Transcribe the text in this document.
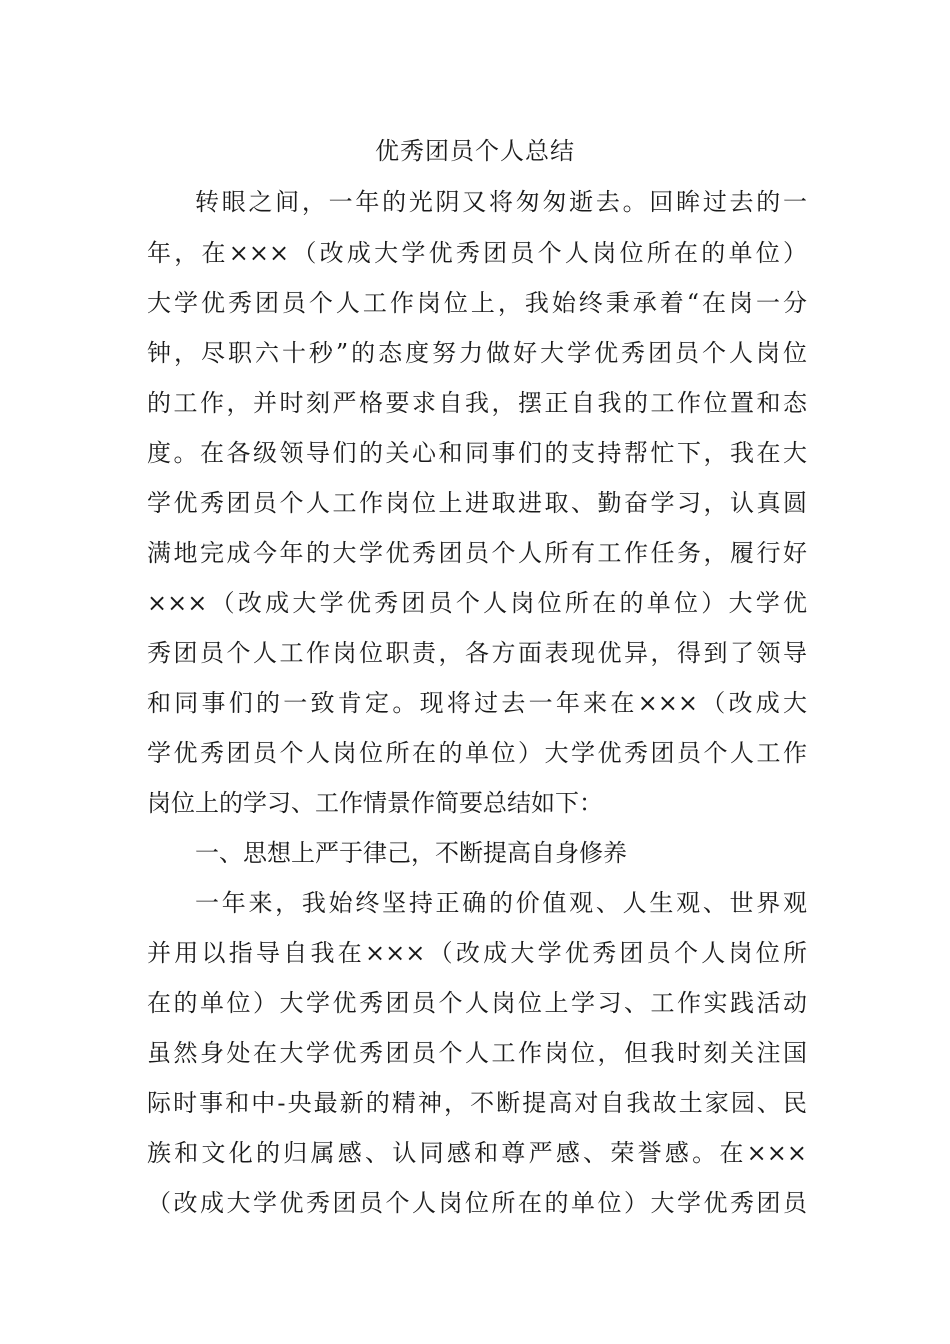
优秀团员个人总结
转眼之间，一年的光阴又将匆匆逝去。回眸过去的一
年，在×××（改成大学优秀团员个人岗位所在的单位）
大学优秀团员个人工作岗位上，我始终秉承着“在岗一分
钟，尽职六十秒”的态度努力做好大学优秀团员个人岗位
的工作，并时刻严格要求自我，摆正自我的工作位置和态
度。在各级领导们的关心和同事们的支持帮忙下，我在大
学优秀团员个人工作岗位上进取进取、勤奋学习，认真圆
满地完成今年的大学优秀团员个人所有工作任务，履行好
×××（改成大学优秀团员个人岗位所在的单位）大学优
秀团员个人工作岗位职责，各方面表现优异，得到了领导
和同事们的一致肯定。现将过去一年来在×××（改成大
学优秀团员个人岗位所在的单位）大学优秀团员个人工作
岗位上的学习、工作情景作简要总结如下：
一、思想上严于律己，不断提高自身修养
一年来，我始终坚持正确的价值观、人生观、世界观
并用以指导自我在×××（改成大学优秀团员个人岗位所
在的单位）大学优秀团员个人岗位上学习、工作实践活动
虽然身处在大学优秀团员个人工作岗位，但我时刻关注国
际时事和中-央最新的精神，不断提高对自我故土家园、民
族和文化的归属感、认同感和尊严感、荣誉感。在×××
（改成大学优秀团员个人岗位所在的单位）大学优秀团员
